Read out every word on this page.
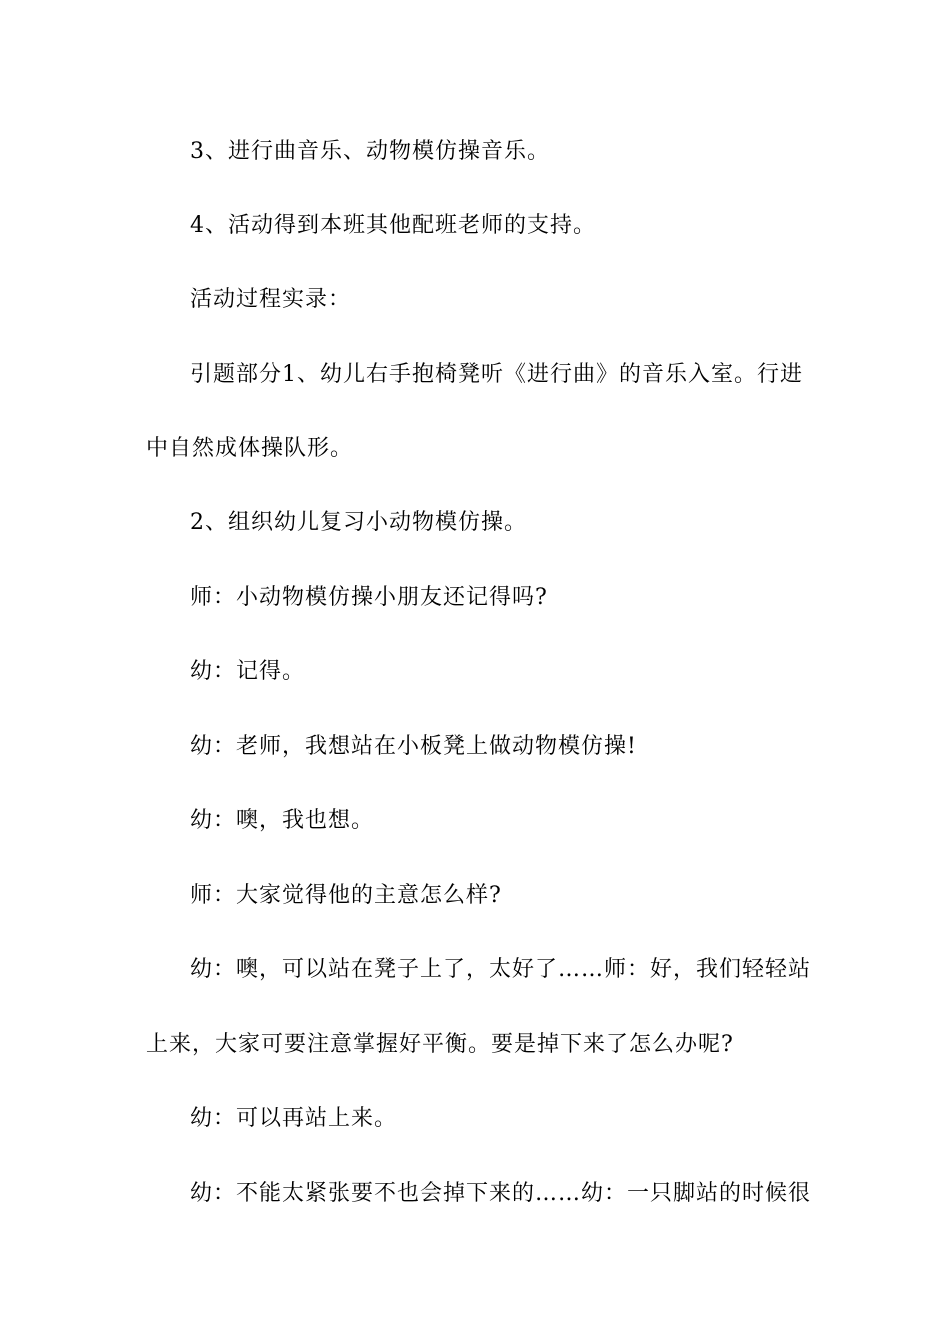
3、进行曲音乐、动物模仿操音乐。
4、活动得到本班其他配班老师的支持。
活动过程实录：
引题部分1、幼儿右手抱椅凳听《进行曲》的音乐入室。行进
中自然成体操队形。
2、组织幼儿复习小动物模仿操。
师：小动物模仿操小朋友还记得吗?
幼：记得。
幼：老师，我想站在小板凳上做动物模仿操!
幼：噢，我也想。
师：大家觉得他的主意怎么样?
幼：噢，可以站在凳子上了，太好了……师：好，我们轻轻站
上来，大家可要注意掌握好平衡。要是掉下来了怎么办呢?
幼：可以再站上来。
幼：不能太紧张要不也会掉下来的……幼：一只脚站的时候很
